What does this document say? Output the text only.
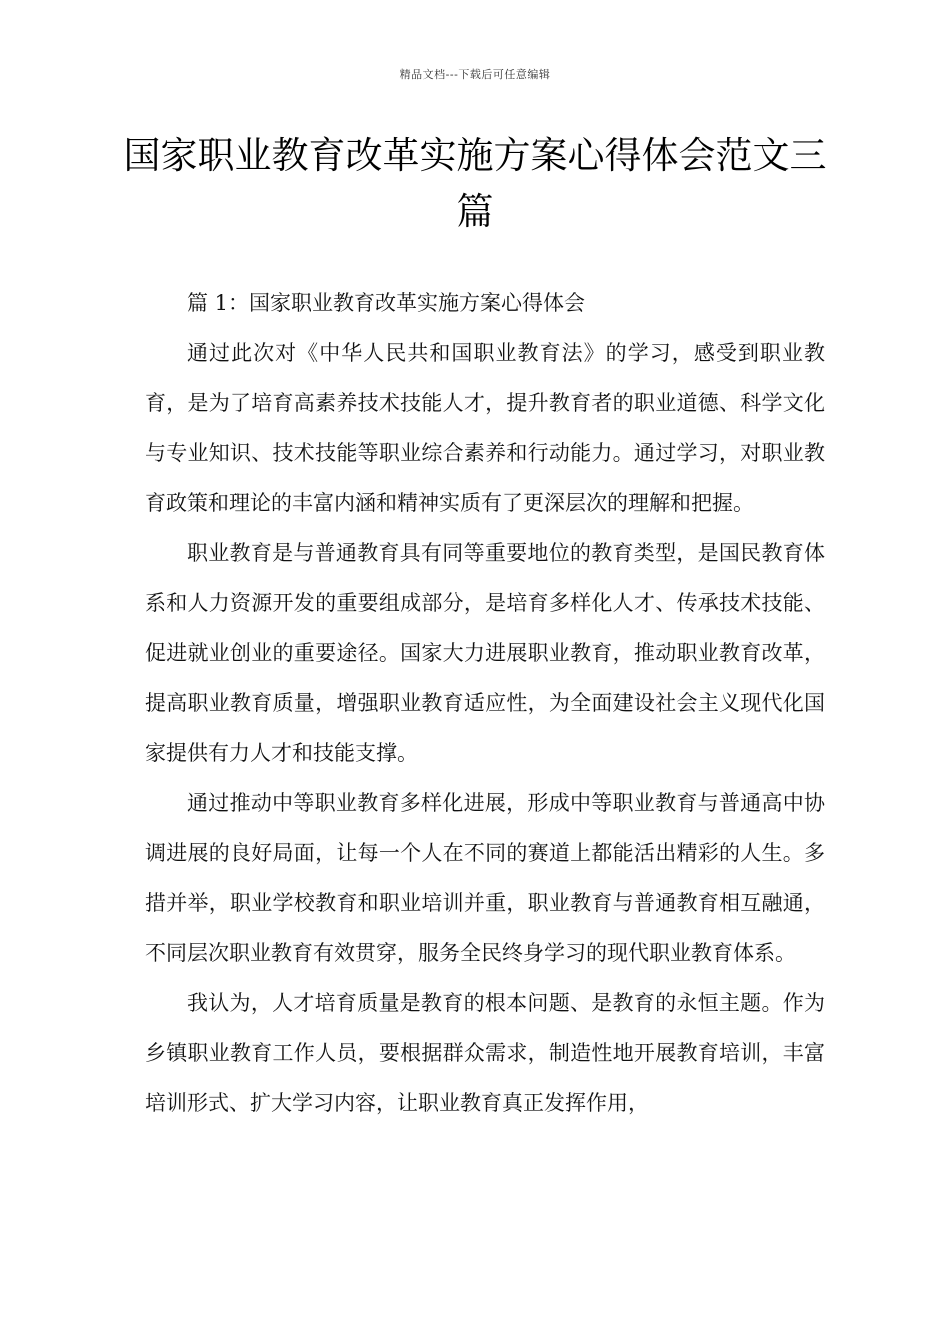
精品文档---下载后可任意编辑
国家职业教育改革实施方案心得体会范文三篇

篇 1：国家职业教育改革实施方案心得体会

通过此次对《中华人民共和国职业教育法》的学习，感受到职业教育，是为了培育高素养技术技能人才，提升教育者的职业道德、科学文化与专业知识、技术技能等职业综合素养和行动能力。通过学习，对职业教育政策和理论的丰富内涵和精神实质有了更深层次的理解和把握。

职业教育是与普通教育具有同等重要地位的教育类型，是国民教育体系和人力资源开发的重要组成部分，是培育多样化人才、传承技术技能、促进就业创业的重要途径。国家大力进展职业教育，推动职业教育改革，提高职业教育质量，增强职业教育适应性，为全面建设社会主义现代化国家提供有力人才和技能支撑。

通过推动中等职业教育多样化进展，形成中等职业教育与普通高中协调进展的良好局面，让每一个人在不同的赛道上都能活出精彩的人生。多措并举，职业学校教育和职业培训并重，职业教育与普通教育相互融通，不同层次职业教育有效贯穿，服务全民终身学习的现代职业教育体系。

我认为，人才培育质量是教育的根本问题、是教育的永恒主题。作为乡镇职业教育工作人员，要根据群众需求，制造性地开展教育培训，丰富培训形式、扩大学习内容，让职业教育真正发挥作用，
